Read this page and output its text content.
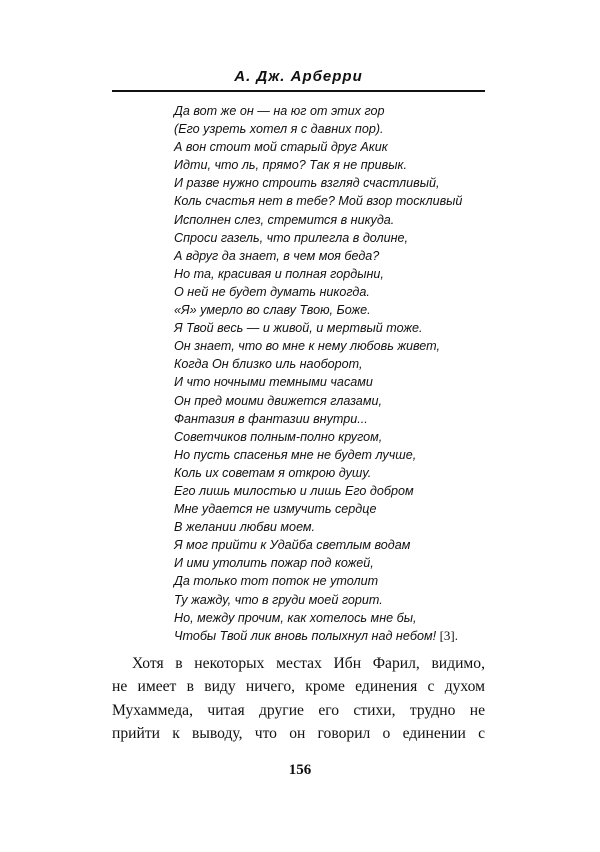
А. Дж. Арберри
Да вот же он — на юг от этих гор
(Его узреть хотел я с давних пор).
А вон стоит мой старый друг Акик
Идти, что ль, прямо? Так я не привык.
И разве нужно строить взгляд счастливый,
Коль счастья нет в тебе? Мой взор тоскливый
Исполнен слез, стремится в никуда.
Спроси газель, что прилегла в долине,
А вдруг да знает, в чем моя беда?
Но та, красивая и полная гордыни,
О ней не будет думать никогда.
«Я» умерло во славу Твою, Боже.
Я Твой весь — и живой, и мертвый тоже.
Он знает, что во мне к нему любовь живет,
Когда Он близко иль наоборот,
И что ночными темными часами
Он пред моими движется глазами,
Фантазия в фантазии внутри...
Советчиков полным-полно кругом,
Но пусть спасенья мне не будет лучше,
Коль их советам я открою душу.
Его лишь милостью и лишь Его добром
Мне удается не измучить сердце
В желании любви моем.
Я мог прийти к Удайба светлым водам
И ими утолить пожар под кожей,
Да только тот поток не утолит
Ту жажду, что в груди моей горит.
Но, между прочим, как хотелось мне бы,
Чтобы Твой лик вновь полыхнул над небом! [3].
Хотя в некоторых местах Ибн Фарил, видимо,
не имеет в виду ничего, кроме единения с духом
Мухаммеда, читая другие его стихи, трудно не
прийти к выводу, что он говорил о единении с
156
